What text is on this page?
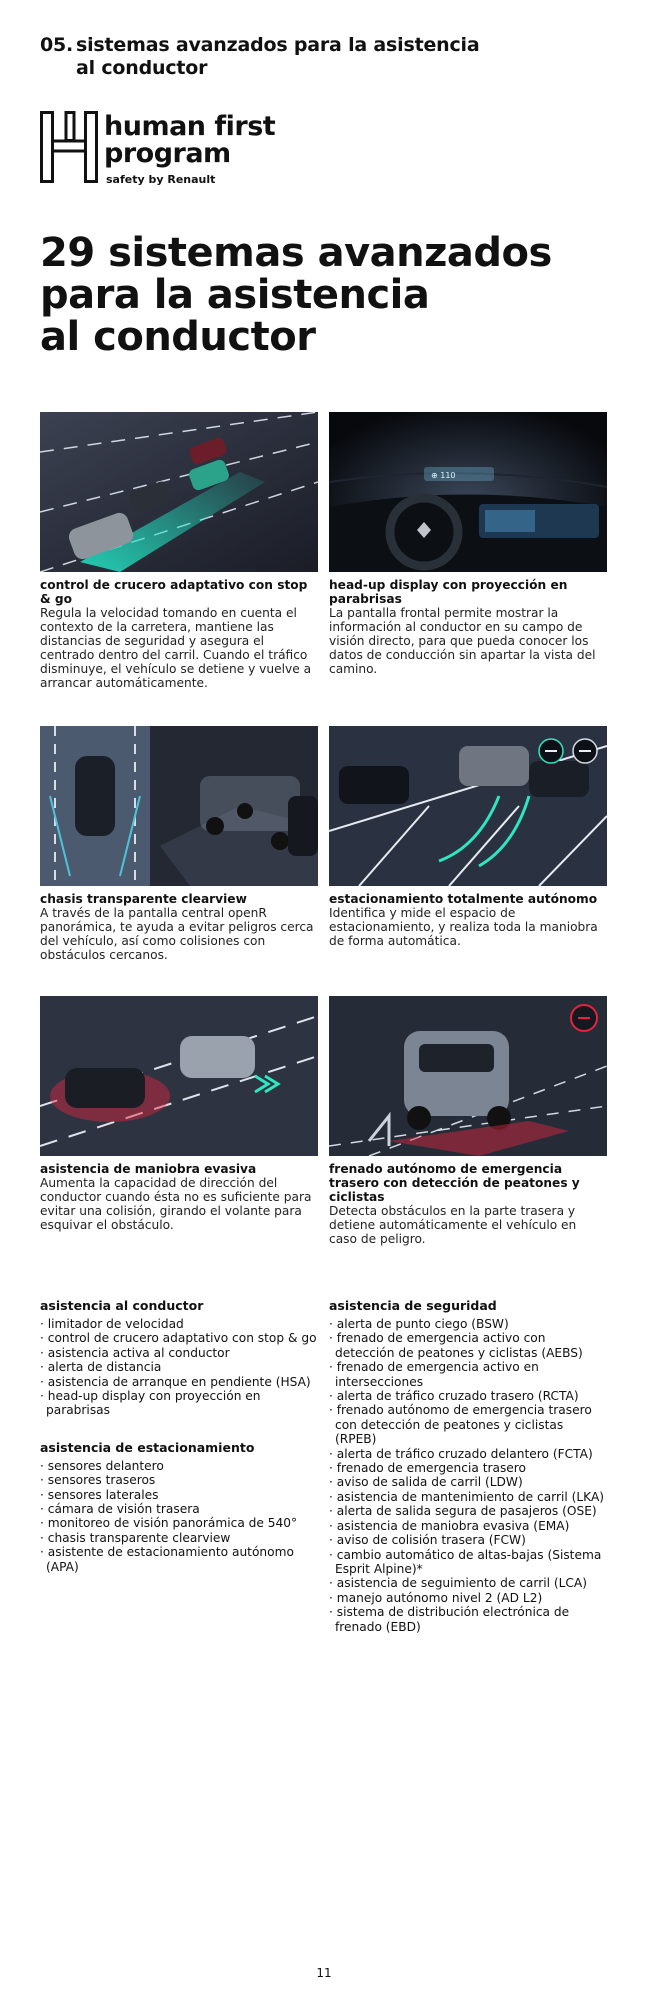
05. sistemas avanzados para la asistencia
al conductor
human first
program
safety by Renault
29 sistemas avanzados
para la asistencia
al conductor
control de crucero adaptativo con stop & go
Regula la velocidad tomando en cuenta el contexto de la carretera, mantiene las distancias de seguridad y asegura el centrado dentro del carril. Cuando el tráfico disminuye, el vehículo se detiene y vuelve a arrancar automáticamente.
⊕ 110
head-up display con proyección en parabrisas
La pantalla frontal permite mostrar la información al conductor en su campo de visión directo, para que pueda conocer los datos de conducción sin apartar la vista del camino.
chasis transparente clearview
A través de la pantalla central openR panorámica, te ayuda a evitar peligros cerca del vehículo, así como colisiones con obstáculos cercanos.
estacionamiento totalmente autónomo
Identifica y mide el espacio de estacionamiento, y realiza toda la maniobra de forma automática.
asistencia de maniobra evasiva
Aumenta la capacidad de dirección del conductor cuando ésta no es suficiente para evitar una colisión, girando el volante para esquivar el obstáculo.
frenado autónomo de emergencia trasero con detección de peatones y ciclistas
Detecta obstáculos en la parte trasera y detiene automáticamente el vehículo en caso de peligro.
asistencia al conductor
· limitador de velocidad
· control de crucero adaptativo con stop & go
· asistencia activa al conductor
· alerta de distancia
· asistencia de arranque en pendiente (HSA)
· head-up display con proyección en parabrisas
asistencia de estacionamiento
· sensores delantero
· sensores traseros
· sensores laterales
· cámara de visión trasera
· monitoreo de visión panorámica de 540°
· chasis transparente clearview
· asistente de estacionamiento autónomo (APA)
asistencia de seguridad
· alerta de punto ciego (BSW)
· frenado de emergencia activo con detección de peatones y ciclistas (AEBS)
· frenado de emergencia activo en intersecciones
· alerta de tráfico cruzado trasero (RCTA)
· frenado autónomo de emergencia trasero con detección de peatones y ciclistas (RPEB)
· alerta de tráfico cruzado delantero (FCTA)
· frenado de emergencia trasero
· aviso de salida de carril (LDW)
· asistencia de mantenimiento de carril (LKA)
· alerta de salida segura de pasajeros (OSE)
· asistencia de maniobra evasiva (EMA)
· aviso de colisión trasera (FCW)
· cambio automático de altas-bajas (Sistema Esprit Alpine)*
· asistencia de seguimiento de carril (LCA)
· manejo autónomo nivel 2 (AD L2)
· sistema de distribución electrónica de frenado (EBD)
11
